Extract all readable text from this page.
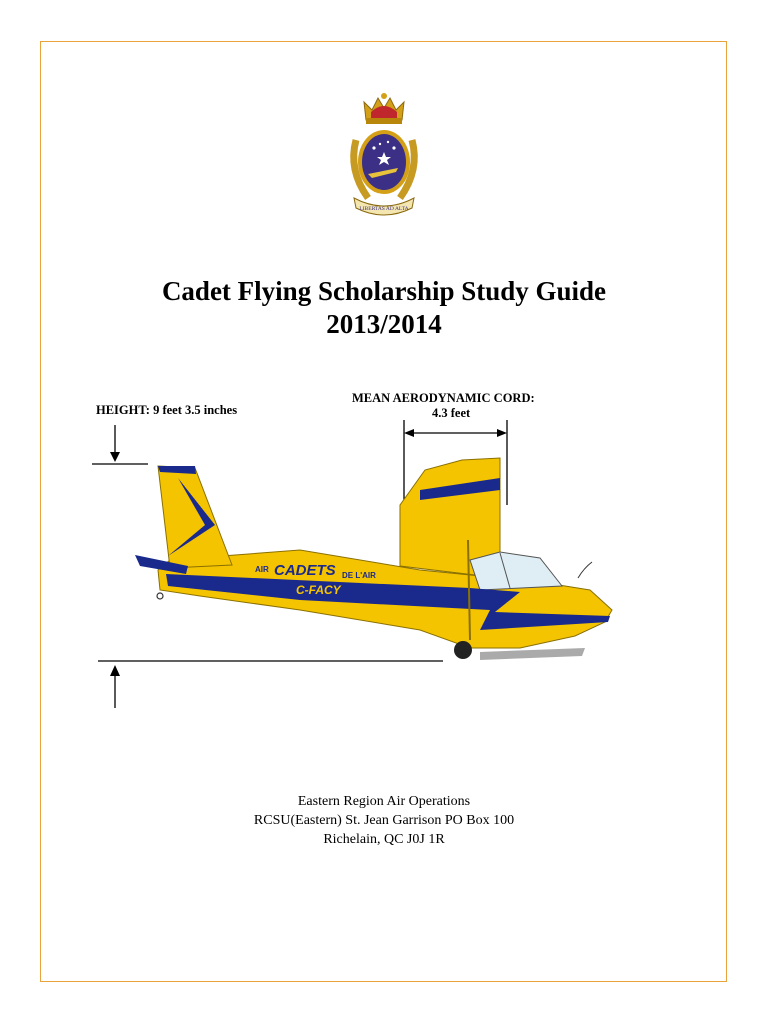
LIBERTAS AD ALTA
Cadet Flying Scholarship Study Guide
2013/2014
HEIGHT: 9 feet 3.5 inches
MEAN AERODYNAMIC CORD:
4.3 feet
AIR CADETS DE L'AIR
C-FACY
Eastern Region Air Operations
RCSU(Eastern) St. Jean Garrison PO Box 100
Richelain, QC J0J 1R
